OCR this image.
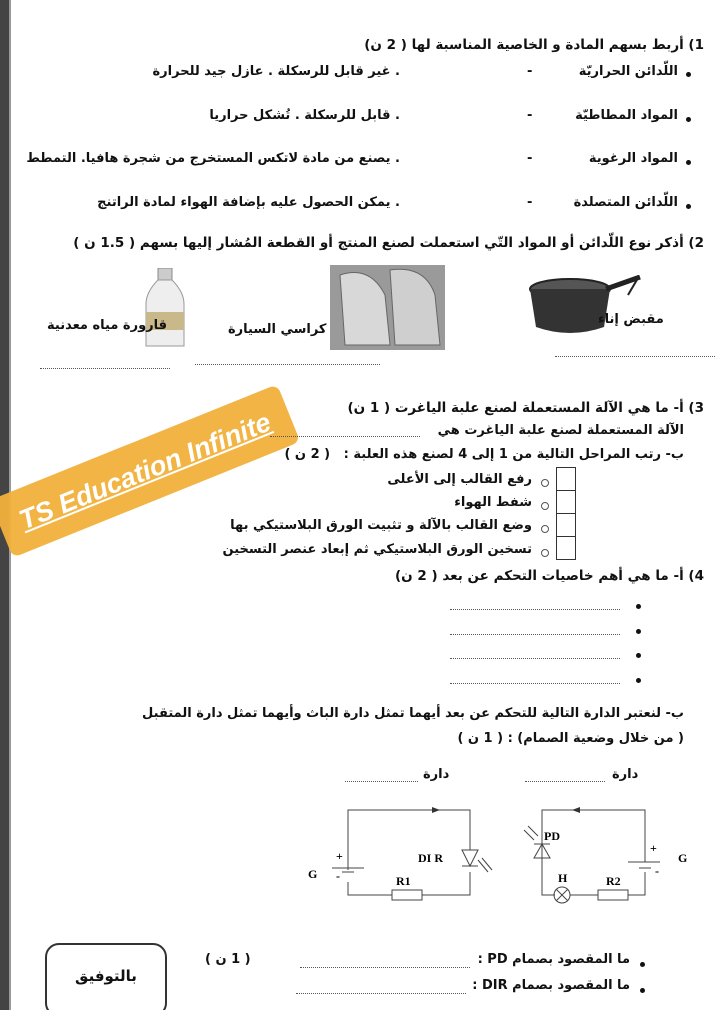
1) أربط بسهم المادة و الخاصية المناسبة لها ( 2 ن)
اللّدائن الحراريّة
-
. غير قابل للرسكلة . عازل جيد للحرارة
المواد المطاطيّة
-
. قابل للرسكلة . تُشكل حراريا
المواد الرغوية
-
. يصنع من مادة لاتكس المستخرج من شجرة هافيا. التمطط
اللّدائن المتصلدة
-
. يمكن الحصول عليه بإضافة الهواء لمادة الراتنج
2) أذكر نوع اللّدائن أو المواد التّي استعملت لصنع المنتج أو القطعة المُشار إليها بسهم ( 1.5 ن )
مقبض إناء
كراسي السيارة
قارورة مياه معدنية
TS Education Infinite	3) أ- ما هي الآلة المستعملة لصنع علبة الياغرت ( 1 ن)
الآلة المستعملة لصنع علبة الياغرت هي
ب- رتب المراحل التالية من 1 إلى 4 لصنع هذه العلبة :   ( 2 ن )
رفع القالب إلى الأعلى
شفط الهواء
وضع القالب بالآلة و تثبيت الورق البلاستيكي بها
تسخين الورق البلاستيكي ثم إبعاد عنصر التسخين
4) أ- ما هي أهم خاصيات التحكم عن بعد ( 2 ن)
ب- لنعتبر الدارة التالية للتحكم عن بعد أيهما تمثل دارة الباث وأيهما تمثل دارة المتقبل
( من خلال وضعية الصمام) : ( 1 ن )
دارة
دارة
+
-
G
DI R
R1
+
-
G
PD
H	R2
ما المقصود بصمام PD :
ما المقصود بصمام DIR :
( 1 ن )
بالتوفيق
